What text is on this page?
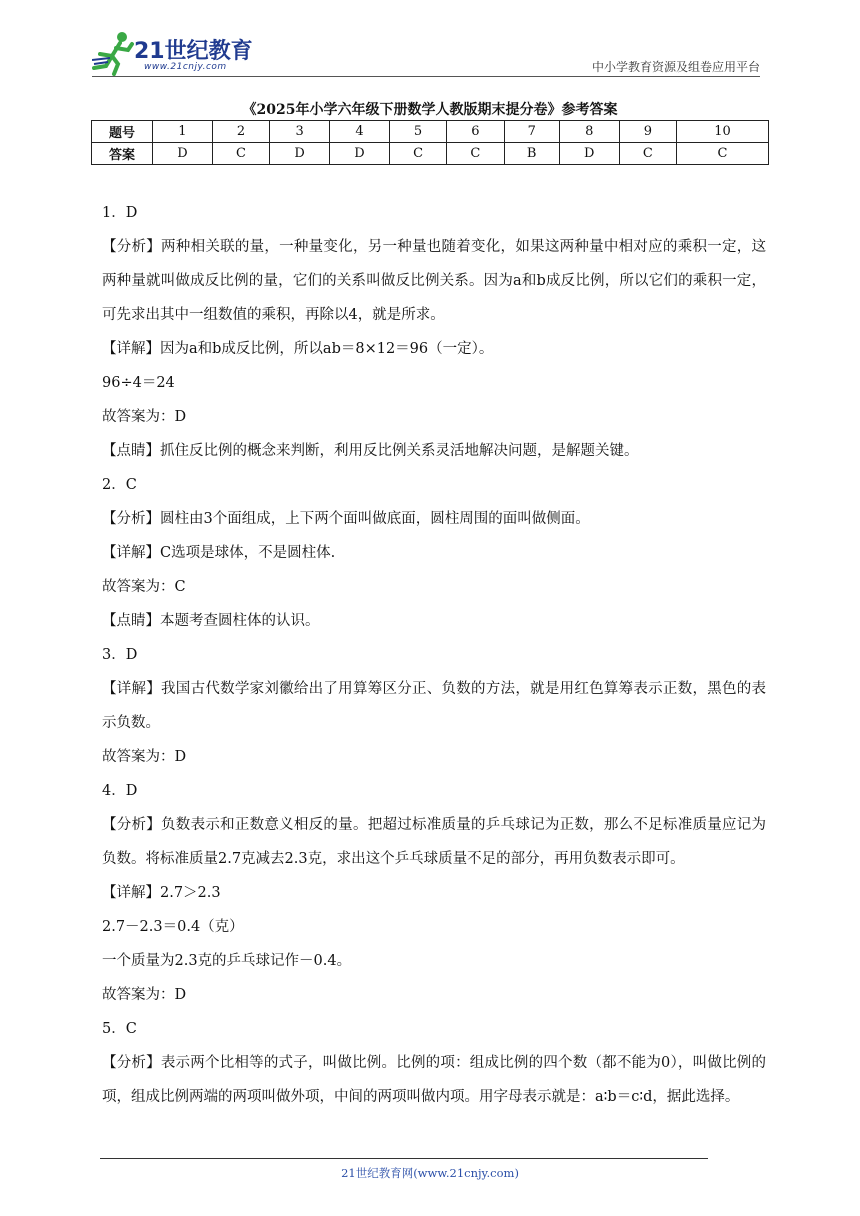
21世纪教育
www.21cnjy.com	中小学教育资源及组卷应用平台
《2025年小学六年级下册数学人教版期末提分卷》参考答案
题号	1	2	3	4	5	6	7	8	9	10
答案	D	C	D	D	C	C	B	D	C	C
1．D
【分析】两种相关联的量，一种量变化，另一种量也随着变化，如果这两种量中相对应的乘积一定，这两种量就叫做成反比例的量，它们的关系叫做反比例关系。因为a和b成反比例，所以它们的乘积一定，可先求出其中一组数值的乘积，再除以4，就是所求。
【详解】因为a和b成反比例，所以ab＝8×12＝96（一定）。
96÷4＝24
故答案为：D
【点睛】抓住反比例的概念来判断，利用反比例关系灵活地解决问题，是解题关键。
2．C
【分析】圆柱由3个面组成，上下两个面叫做底面，圆柱周围的面叫做侧面。
【详解】C选项是球体，不是圆柱体.
故答案为：C
【点睛】本题考查圆柱体的认识。
3．D
【详解】我国古代数学家刘徽给出了用算筹区分正、负数的方法，就是用红色算筹表示正数，黑色的表示负数。
故答案为：D
4．D
【分析】负数表示和正数意义相反的量。把超过标准质量的乒乓球记为正数，那么不足标准质量应记为负数。将标准质量2.7克减去2.3克，求出这个乒乓球质量不足的部分，再用负数表示即可。
【详解】2.7＞2.3
2.7－2.3＝0.4（克）
一个质量为2.3克的乒乓球记作－0.4。
故答案为：D
5．C
【分析】表示两个比相等的式子，叫做比例。比例的项：组成比例的四个数（都不能为0），叫做比例的项，组成比例两端的两项叫做外项，中间的两项叫做内项。用字母表示就是：a∶b＝c∶d，据此选择。
21世纪教育网(www.21cnjy.com)
